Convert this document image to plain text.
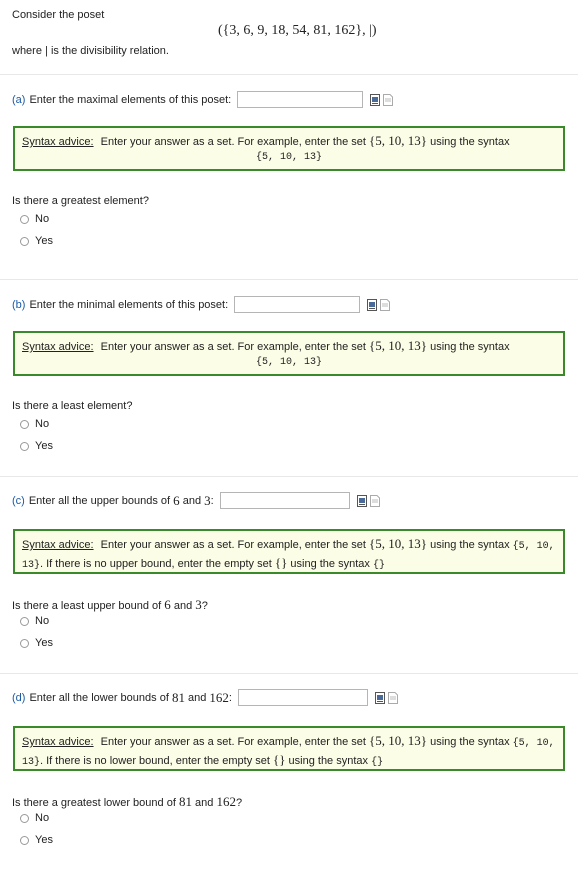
Consider the poset
({3, 6, 9, 18, 54, 81, 162}, |)
where | is the divisibility relation.
(a) Enter the maximal elements of this poset:
Syntax advice: Enter your answer as a set. For example, enter the set {5, 10, 13} using the syntax
{5, 10, 13}
Is there a greatest element?
No
Yes
(b) Enter the minimal elements of this poset:
Syntax advice: Enter your answer as a set. For example, enter the set {5, 10, 13} using the syntax
{5, 10, 13}
Is there a least element?
No
Yes
(c) Enter all the upper bounds of
6
and
3 :
Syntax advice: Enter your answer as a set. For example, enter the set {5, 10, 13} using the syntax {5, 10,
13}. If there is no upper bound, enter the empty set {} using the syntax {}
Is there a least upper bound of 6 and 3?
No
Yes
(d) Enter all the lower bounds of
81
and
162 :
Syntax advice: Enter your answer as a set. For example, enter the set {5, 10, 13} using the syntax {5, 10,
13}. If there is no lower bound, enter the empty set {} using the syntax {}
Is there a greatest lower bound of 81 and 162?
No
Yes
